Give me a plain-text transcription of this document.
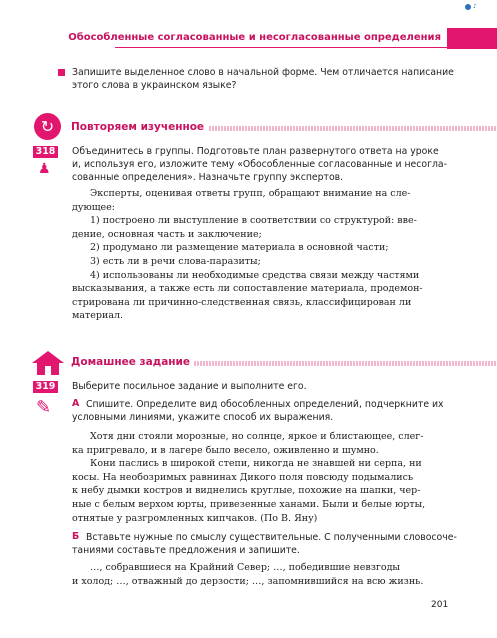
♪
Обособленные согласованные и несогласованные определения
Запишите выделенное слово в начальной форме. Чем отличается написание
этого слова в украинском языке?
↻	Повторяем изученное
318
♟
Объединитесь в группы. Подготовьте план развернутого ответа на уроке
и, используя его, изложите тему «Обособленные согласованные и несогла-
сованные определения». Назначьте группу экспертов.
Эксперты, оценивая ответы групп, обращают внимание на сле-
дующее:
1) построено ли выступление в соответствии со структурой: вве-
дение, основная часть и заключение;
2) продумано ли размещение материала в основной части;
3) есть ли в речи слова-паразиты;
4) использованы ли необходимые средства связи между частями
высказывания, а также есть ли сопоставление материала, продемон-
стрирована ли причинно-следственная связь, классифицирован ли
материал.
Домашнее задание
319 Выберите посильное задание и выполните его.
✎ А Спишите. Определите вид обособленных определений, подчеркните их
условными линиями, укажите способ их выражения.
Хотя дни стояли морозные, но солнце, яркое и блистающее, слег-
ка пригревало, и в лагере было весело, оживленно и шумно.
Кони паслись в широкой степи, никогда не знавшей ни серпа, ни
косы. На необозримых равнинах Дикого поля повсюду подымались
к небу дымки костров и виднелись круглые, похожие на шапки, чер-
ные с белым верхом юрты, привезенные ханами. Были и белые юрты,
отнятые у разгромленных кипчаков. (По В. Яну)
Б Вставьте нужные по смыслу существительные. С полученными словосоче-
таниями составьте предложения и запишите.
…, собравшиеся на Крайний Север; …, победившие невзгоды
и холод; …, отважный до дерзости; …, запомнившийся на всю жизнь.
201
